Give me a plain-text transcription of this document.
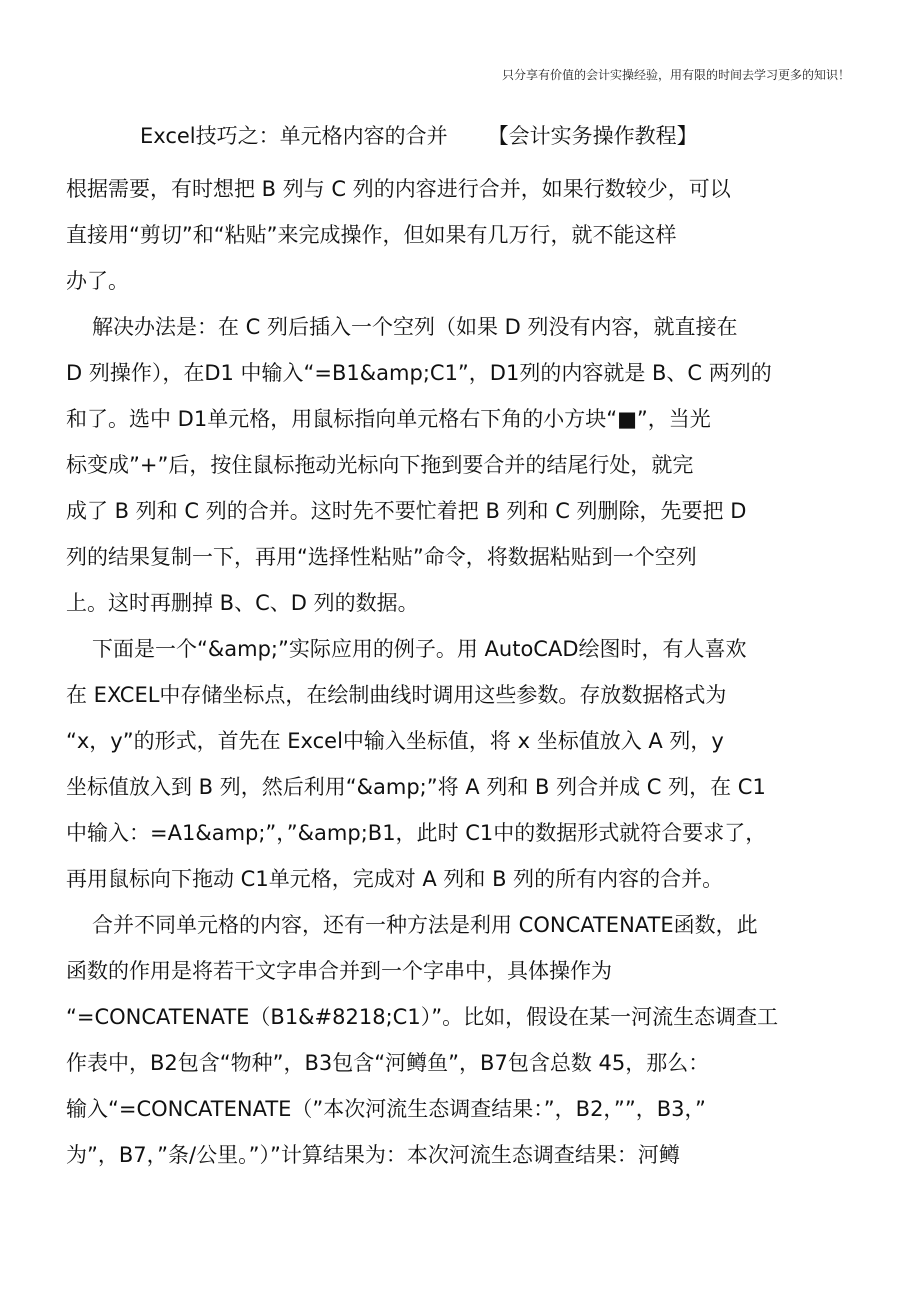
只分享有价值的会计实操经验，用有限的时间去学习更多的知识！
Excel技巧之：单元格内容的合并 【会计实务操作教程】
根据需要，有时想把 B 列与 C 列的内容进行合并，如果行数较少，可以
直接用“剪切”和“粘贴”来完成操作，但如果有几万行，就不能这样
办了。
解决办法是：在 C 列后插入一个空列（如果 D 列没有内容，就直接在
D 列操作），在D1 中输入“=B1&amp;C1”，D1列的内容就是 B、C 两列的
和了。选中 D1单元格，用鼠标指向单元格右下角的小方块“■”，当光
标变成”+”后，按住鼠标拖动光标向下拖到要合并的结尾行处，就完
成了 B 列和 C 列的合并。这时先不要忙着把 B 列和 C 列删除，先要把 D
列的结果复制一下，再用“选择性粘贴”命令，将数据粘贴到一个空列
上。这时再删掉 B、C、D 列的数据。
下面是一个“&amp;”实际应用的例子。用 AutoCAD绘图时，有人喜欢
在 EXCEL中存储坐标点，在绘制曲线时调用这些参数。存放数据格式为
“x，y”的形式，首先在 Excel中输入坐标值，将 x 坐标值放入 A 列，y
坐标值放入到 B 列，然后利用“&amp;”将 A 列和 B 列合并成 C 列，在 C1
中输入：=A1&amp;”，”&amp;B1，此时 C1中的数据形式就符合要求了，
再用鼠标向下拖动 C1单元格，完成对 A 列和 B 列的所有内容的合并。
合并不同单元格的内容，还有一种方法是利用 CONCATENATE函数，此
函数的作用是将若干文字串合并到一个字串中，具体操作为
“=CONCATENATE（B1&#8218;C1）”。比如，假设在某一河流生态调查工
作表中，B2包含“物种”，B3包含“河鳟鱼”，B7包含总数 45，那么：
输入“=CONCATENATE（”本次河流生态调查结果：”，B2，””，B3，”
为”，B7，”条/公里。”）”计算结果为：本次河流生态调查结果：河鳟
